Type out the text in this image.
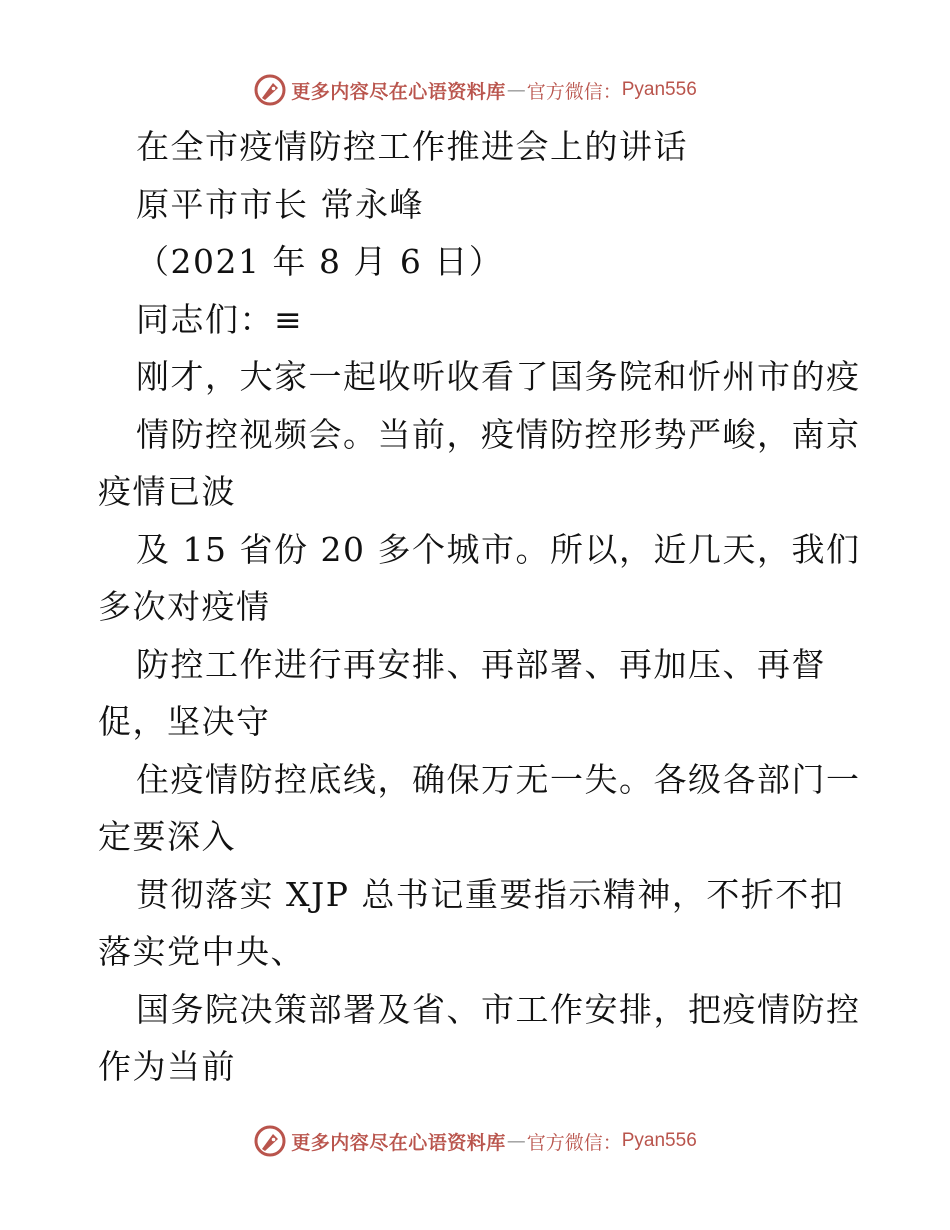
更多内容尽在心语资料库 — 官方微信： Pyan556
在全市疫情防控工作推进会上的讲话
原平市市长 常永峰
（2021 年 8 月 6 日）
同志们：≡
刚才，大家一起收听收看了国务院和忻州市的疫
情防控视频会。当前，疫情防控形势严峻，南京
疫情已波
及 15 省份 20 多个城市。所以，近几天，我们
多次对疫情
防控工作进行再安排、再部署、再加压、再督
促，坚决守
住疫情防控底线，确保万无一失。各级各部门一
定要深入
贯彻落实 XJP 总书记重要指示精神，不折不扣
落实党中央、
国务院决策部署及省、市工作安排，把疫情防控
作为当前
更多内容尽在心语资料库 — 官方微信： Pyan556
